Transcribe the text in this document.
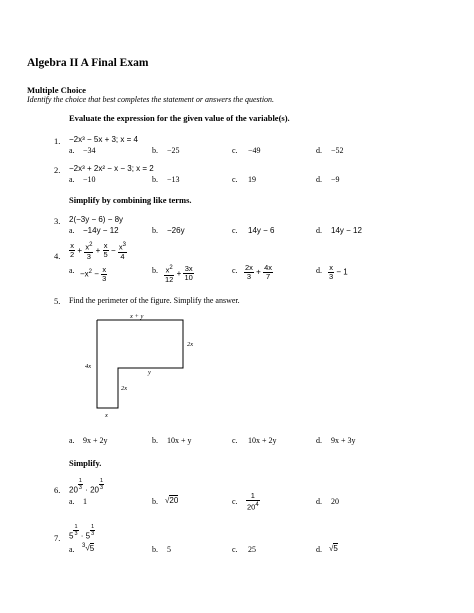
Algebra II A Final Exam
Multiple Choice
Identify the choice that best completes the statement or answers the question.
Evaluate the expression for the given value of the variable(s).
1. −2x³ − 5x + 3; x = 4
a. −34	b. −25	c. −49	d. −52
2. −2x³ + 2x² − x − 3; x = 2
a. −10	b. −13	c. 19	d. −9
Simplify by combining like terms.
3. 2(−3y − 6) − 8y
a. −14y − 12	b. −26y	c. 14y − 6	d. 14y − 12
4. $\frac{x}{2} + \frac{x^2}{3} + \frac{x}{5} - \frac{x^3}{4}$
a. $-x^2 - \frac{x}{3}$	b. $\frac{x^2}{12} + \frac{3x}{10}$	c. $\frac{2x}{3} + \frac{4x}{7}$	d. $\frac{x}{3} - 1$
5. Find the perimeter of the figure. Simplify the answer.
x + y
2x
4x
y
2x
x
a. 9x + 2y	b. 10x + y	c. 10x + 2y	d. 9x + 3y
Simplify.
6. $20 \frac{1}{3} \cdot 20 \frac{1}{3}$
a. 1	b. √20	c. $\frac{1}{20^4}$	d. 20
7. $5 \frac{1}{3} \cdot 5 \frac{1}{3}$
a. $^3$√5	b. 5	c. 25	d. √5
